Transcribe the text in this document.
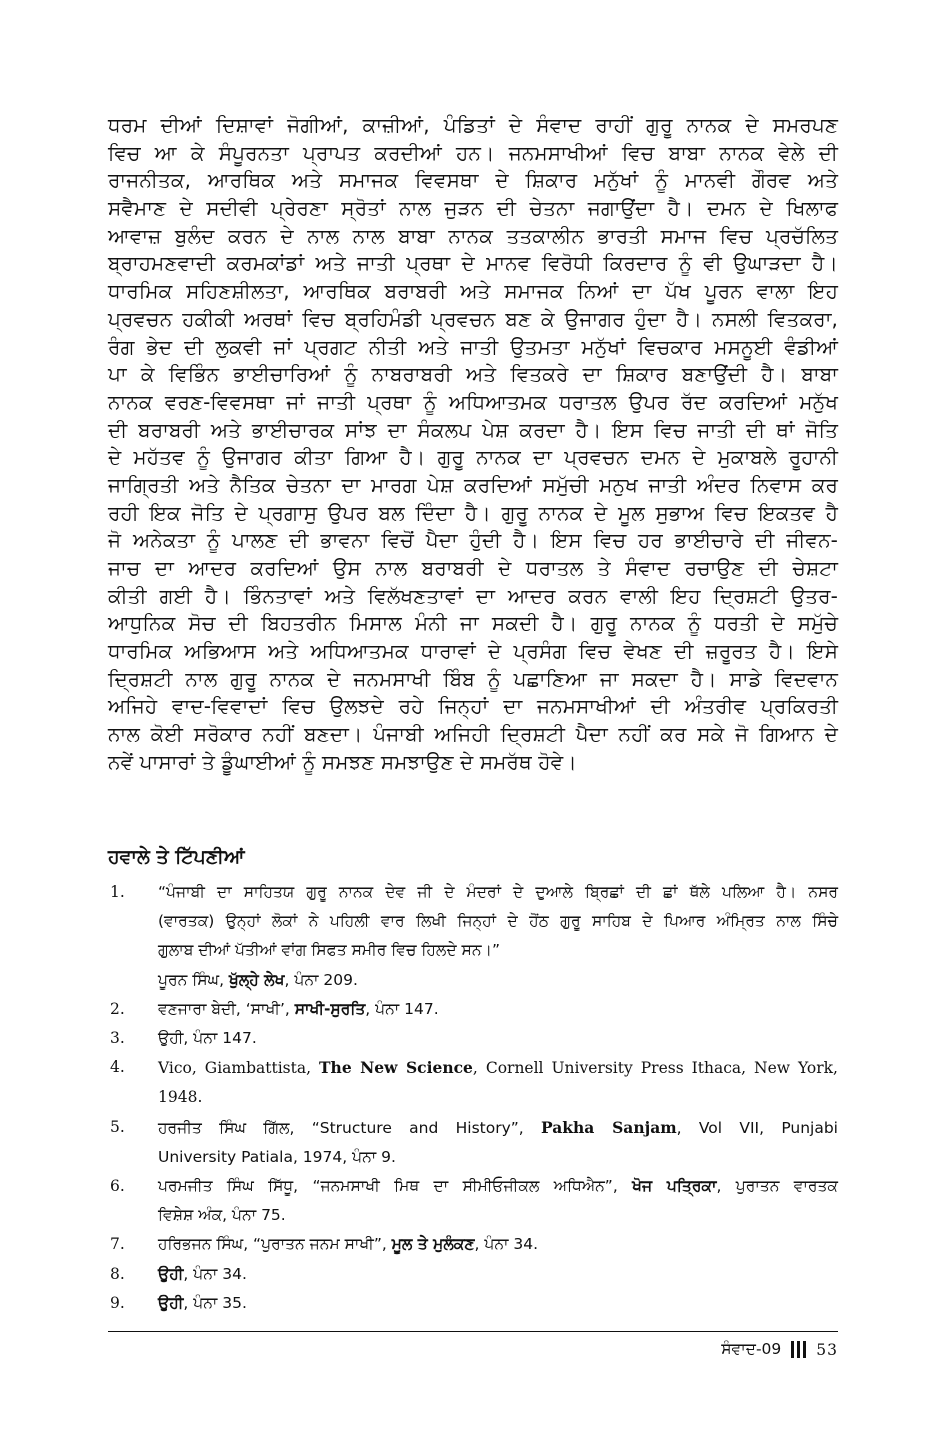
ਧਰਮ ਦੀਆਂ ਦਿਸ਼ਾਵਾਂ ਜੋਗੀਆਂ, ਕਾਜ਼ੀਆਂ, ਪੰਡਿਤਾਂ ਦੇ ਸੰਵਾਦ ਰਾਹੀਂ ਗੁਰੂ ਨਾਨਕ ਦੇ ਸਮਰਪਣ
ਵਿਚ ਆ ਕੇ ਸੰਪੂਰਨਤਾ ਪ੍ਰਾਪਤ ਕਰਦੀਆਂ ਹਨ। ਜਨਮਸਾਖੀਆਂ ਵਿਚ ਬਾਬਾ ਨਾਨਕ ਵੇਲੇ ਦੀ
ਰਾਜਨੀਤਕ, ਆਰਥਿਕ ਅਤੇ ਸਮਾਜਕ ਵਿਵਸਥਾ ਦੇ ਸ਼ਿਕਾਰ ਮਨੁੱਖਾਂ ਨੂੰ ਮਾਨਵੀ ਗੌਰਵ ਅਤੇ
ਸਵੈਮਾਣ ਦੇ ਸਦੀਵੀ ਪ੍ਰੇਰਣਾ ਸ੍ਰੋਤਾਂ ਨਾਲ ਜੁੜਨ ਦੀ ਚੇਤਨਾ ਜਗਾਉਂਦਾ ਹੈ। ਦਮਨ ਦੇ ਖਿਲਾਫ
ਆਵਾਜ਼ ਬੁਲੰਦ ਕਰਨ ਦੇ ਨਾਲ ਨਾਲ ਬਾਬਾ ਨਾਨਕ ਤਤਕਾਲੀਨ ਭਾਰਤੀ ਸਮਾਜ ਵਿਚ ਪ੍ਰਚੱਲਿਤ
ਬ੍ਰਾਹਮਣਵਾਦੀ ਕਰਮਕਾਂਡਾਂ ਅਤੇ ਜਾਤੀ ਪ੍ਰਥਾ ਦੇ ਮਾਨਵ ਵਿਰੋਧੀ ਕਿਰਦਾਰ ਨੂੰ ਵੀ ਉਘਾੜਦਾ ਹੈ।
ਧਾਰਮਿਕ ਸਹਿਣਸ਼ੀਲਤਾ, ਆਰਥਿਕ ਬਰਾਬਰੀ ਅਤੇ ਸਮਾਜਕ ਨਿਆਂ ਦਾ ਪੱਖ ਪੂਰਨ ਵਾਲਾ ਇਹ
ਪ੍ਰਵਚਨ ਹਕੀਕੀ ਅਰਥਾਂ ਵਿਚ ਬ੍ਰਹਿਮੰਡੀ ਪ੍ਰਵਚਨ ਬਣ ਕੇ ਉਜਾਗਰ ਹੁੰਦਾ ਹੈ। ਨਸਲੀ ਵਿਤਕਰਾ,
ਰੰਗ ਭੇਦ ਦੀ ਲੁਕਵੀ ਜਾਂ ਪ੍ਰਗਟ ਨੀਤੀ ਅਤੇ ਜਾਤੀ ਉਤਮਤਾ ਮਨੁੱਖਾਂ ਵਿਚਕਾਰ ਮਸਨੂਈ ਵੰਡੀਆਂ
ਪਾ ਕੇ ਵਿਭਿੰਨ ਭਾਈਚਾਰਿਆਂ ਨੂੰ ਨਾਬਰਾਬਰੀ ਅਤੇ ਵਿਤਕਰੇ ਦਾ ਸ਼ਿਕਾਰ ਬਣਾਉਂਦੀ ਹੈ। ਬਾਬਾ
ਨਾਨਕ ਵਰਣ-ਵਿਵਸਥਾ ਜਾਂ ਜਾਤੀ ਪ੍ਰਥਾ ਨੂੰ ਅਧਿਆਤਮਕ ਧਰਾਤਲ ਉਪਰ ਰੱਦ ਕਰਦਿਆਂ ਮਨੁੱਖ
ਦੀ ਬਰਾਬਰੀ ਅਤੇ ਭਾਈਚਾਰਕ ਸਾਂਝ ਦਾ ਸੰਕਲਪ ਪੇਸ਼ ਕਰਦਾ ਹੈ। ਇਸ ਵਿਚ ਜਾਤੀ ਦੀ ਥਾਂ ਜੋਤਿ
ਦੇ ਮਹੱਤਵ ਨੂੰ ਉਜਾਗਰ ਕੀਤਾ ਗਿਆ ਹੈ। ਗੁਰੂ ਨਾਨਕ ਦਾ ਪ੍ਰਵਚਨ ਦਮਨ ਦੇ ਮੁਕਾਬਲੇ ਰੂਹਾਨੀ
ਜਾਗ੍ਰਿਤੀ ਅਤੇ ਨੈਤਿਕ ਚੇਤਨਾ ਦਾ ਮਾਰਗ ਪੇਸ਼ ਕਰਦਿਆਂ ਸਮੁੱਚੀ ਮਨੁਖ ਜਾਤੀ ਅੰਦਰ ਨਿਵਾਸ ਕਰ
ਰਹੀ ਇਕ ਜੋਤਿ ਦੇ ਪ੍ਰਗਾਸੁ ਉਪਰ ਬਲ ਦਿੰਦਾ ਹੈ। ਗੁਰੂ ਨਾਨਕ ਦੇ ਮੂਲ ਸੁਭਾਅ ਵਿਚ ਇਕਤਵ ਹੈ
ਜੋ ਅਨੇਕਤਾ ਨੂੰ ਪਾਲਣ ਦੀ ਭਾਵਨਾ ਵਿਚੋਂ ਪੈਦਾ ਹੁੰਦੀ ਹੈ। ਇਸ ਵਿਚ ਹਰ ਭਾਈਚਾਰੇ ਦੀ ਜੀਵਨ-
ਜਾਚ ਦਾ ਆਦਰ ਕਰਦਿਆਂ ਉਸ ਨਾਲ ਬਰਾਬਰੀ ਦੇ ਧਰਾਤਲ ਤੇ ਸੰਵਾਦ ਰਚਾਉਣ ਦੀ ਚੇਸ਼ਟਾ
ਕੀਤੀ ਗਈ ਹੈ। ਭਿੰਨਤਾਵਾਂ ਅਤੇ ਵਿਲੱਖਣਤਾਵਾਂ ਦਾ ਆਦਰ ਕਰਨ ਵਾਲੀ ਇਹ ਦ੍ਰਿਸ਼ਟੀ ਉਤਰ-
ਆਧੁਨਿਕ ਸੋਚ ਦੀ ਬਿਹਤਰੀਨ ਮਿਸਾਲ ਮੰਨੀ ਜਾ ਸਕਦੀ ਹੈ। ਗੁਰੂ ਨਾਨਕ ਨੂੰ ਧਰਤੀ ਦੇ ਸਮੁੱਚੇ
ਧਾਰਮਿਕ ਅਭਿਆਸ ਅਤੇ ਅਧਿਆਤਮਕ ਧਾਰਾਵਾਂ ਦੇ ਪ੍ਰਸੰਗ ਵਿਚ ਵੇਖਣ ਦੀ ਜ਼ਰੂਰਤ ਹੈ। ਇਸੇ
ਦ੍ਰਿਸ਼ਟੀ ਨਾਲ ਗੁਰੂ ਨਾਨਕ ਦੇ ਜਨਮਸਾਖੀ ਬਿੰਬ ਨੂੰ ਪਛਾਣਿਆ ਜਾ ਸਕਦਾ ਹੈ। ਸਾਡੇ ਵਿਦਵਾਨ
ਅਜਿਹੇ ਵਾਦ-ਵਿਵਾਦਾਂ ਵਿਚ ਉਲਝਦੇ ਰਹੇ ਜਿਨ੍ਹਾਂ ਦਾ ਜਨਮਸਾਖੀਆਂ ਦੀ ਅੰਤਰੀਵ ਪ੍ਰਕਿਰਤੀ
ਨਾਲ ਕੋਈ ਸਰੋਕਾਰ ਨਹੀਂ ਬਣਦਾ। ਪੰਜਾਬੀ ਅਜਿਹੀ ਦ੍ਰਿਸ਼ਟੀ ਪੈਦਾ ਨਹੀਂ ਕਰ ਸਕੇ ਜੋ ਗਿਆਨ ਦੇ
ਨਵੇਂ ਪਾਸਾਰਾਂ ਤੇ ਡੂੰਘਾਈਆਂ ਨੂੰ ਸਮਝਣ ਸਮਝਾਉਣ ਦੇ ਸਮਰੱਥ ਹੋਵੇ।
ਹਵਾਲੇ ਤੇ ਟਿੱਪਣੀਆਂ
1. “ਪੰਜਾਬੀ ਦਾ ਸਾਹਿਤਯ ਗੁਰੂ ਨਾਨਕ ਦੇਵ ਜੀ ਦੇ ਮੰਦਰਾਂ ਦੇ ਦੁਆਲੇ ਬ੍ਰਿਛਾਂ ਦੀ ਛਾਂ ਥੱਲੇ ਪਲਿਆ ਹੈ। ਨਸਰ
(ਵਾਰਤਕ) ਉਨ੍ਹਾਂ ਲੋਕਾਂ ਨੇ ਪਹਿਲੀ ਵਾਰ ਲਿਖੀ ਜਿਨ੍ਹਾਂ ਦੇ ਹੋਂਠ ਗੁਰੂ ਸਾਹਿਬ ਦੇ ਪਿਆਰ ਅੰਮ੍ਰਿਤ ਨਾਲ ਸਿੰਚੇ
ਗੁਲਾਬ ਦੀਆਂ ਪੱਤੀਆਂ ਵਾਂਗ ਸਿਫਤ ਸਮੀਰ ਵਿਚ ਹਿਲਦੇ ਸਨ।”
ਪੂਰਨ ਸਿੰਘ, ਖੁੱਲ੍ਹੇ ਲੇਖ, ਪੰਨਾ 209.
2. ਵਣਜਾਰਾ ਬੇਦੀ, ‘ਸਾਖੀ’, ਸਾਖੀ-ਸੁਰਤਿ, ਪੰਨਾ 147.
3. ਉਹੀ, ਪੰਨਾ 147.
4. Vico, Giambattista, The New Science, Cornell University Press Ithaca, New York,
1948.
5. ਹਰਜੀਤ ਸਿੰਘ ਗਿੱਲ, “Structure and History”, Pakha Sanjam, Vol VII, Punjabi
University Patiala, 1974, ਪੰਨਾ 9.
6. ਪਰਮਜੀਤ ਸਿੰਘ ਸਿੱਧੂ, “ਜਨਮਸਾਖੀ ਮਿਥ ਦਾ ਸੀਮੀਓਜੀਕਲ ਅਧਿਐਨ”, ਖੋਜ ਪਤ੍ਰਿਕਾ, ਪੁਰਾਤਨ ਵਾਰਤਕ
ਵਿਸ਼ੇਸ਼ ਅੰਕ, ਪੰਨਾ 75.
7. ਹਰਿਭਜਨ ਸਿੰਘ, “ਪੁਰਾਤਨ ਜਨਮ ਸਾਖੀ”, ਮੂਲ ਤੇ ਮੁਲੰਕਣ, ਪੰਨਾ 34.
8. ਉਹੀ, ਪੰਨਾ 34.
9. ਉਹੀ, ਪੰਨਾ 35.
ਸੰਵਾਦ-09 53
